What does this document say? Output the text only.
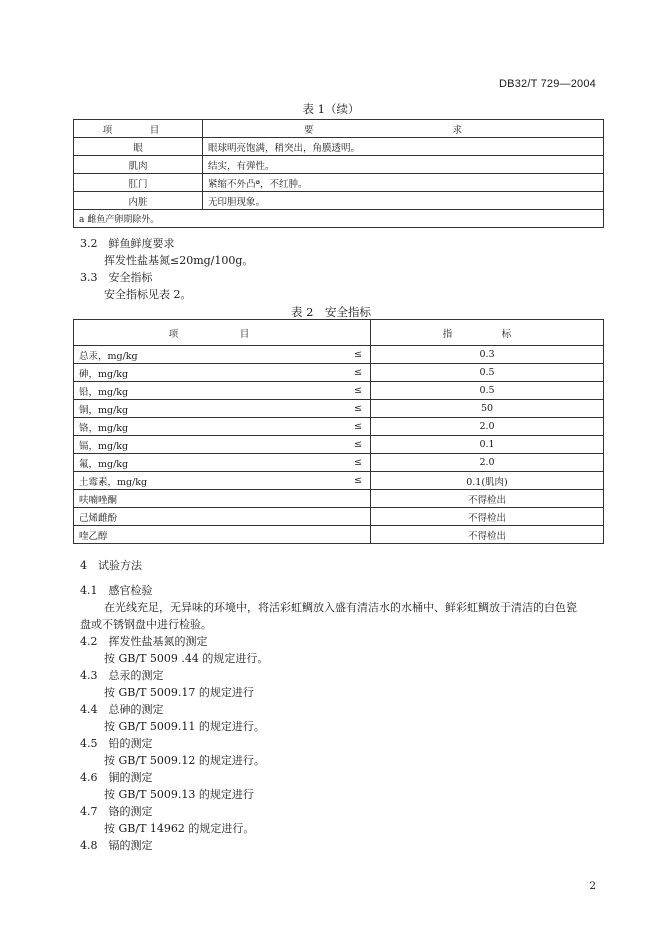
DB32/T 729—2004
表 1（续）
项　目	要　　求
眼	眼球明亮饱满，稍突出，角膜透明。
肌肉	结实，有弹性。
肛门	紧缩不外凸ª，不红肿。
内脏	无印胆现象。
a 雌鱼产卵期除外。	
3.2　鲜鱼鲜度要求
挥发性盐基氮≤20mg/100g。
3.3　安全指标
安全指标见表 2。
表 2　安全指标
项　目		指　标
总汞，mg/kg	≤	0.3
砷，mg/kg	≤	0.5
铅，mg/kg	≤	0.5
铜，mg/kg	≤	50
铬，mg/kg	≤	2.0
镉，mg/kg	≤	0.1
氟，mg/kg	≤	2.0
土霉素，mg/kg	≤	0.1(肌肉)
呋喃唑酮		不得检出
己烯雌酚		不得检出
喹乙醇		不得检出
4　试验方法
4.1　感官检验
在光线充足，无异味的环境中，将活彩虹鲷放入盛有清洁水的水桶中、鲜彩虹鲷放于清洁的白色瓷
盘或不锈钢盘中进行检验。
4.2　挥发性盐基氮的测定
按 GB/T 5009 .44 的规定进行。
4.3　总汞的测定
按 GB/T 5009.17 的规定进行
4.4　总砷的测定
按 GB/T 5009.11 的规定进行。
4.5　铅的测定
按 GB/T 5009.12 的规定进行。
4.6　铜的测定
按 GB/T 5009.13 的规定进行
4.7　铬的测定
按 GB/T 14962 的规定进行。
4.8　镉的测定
2
